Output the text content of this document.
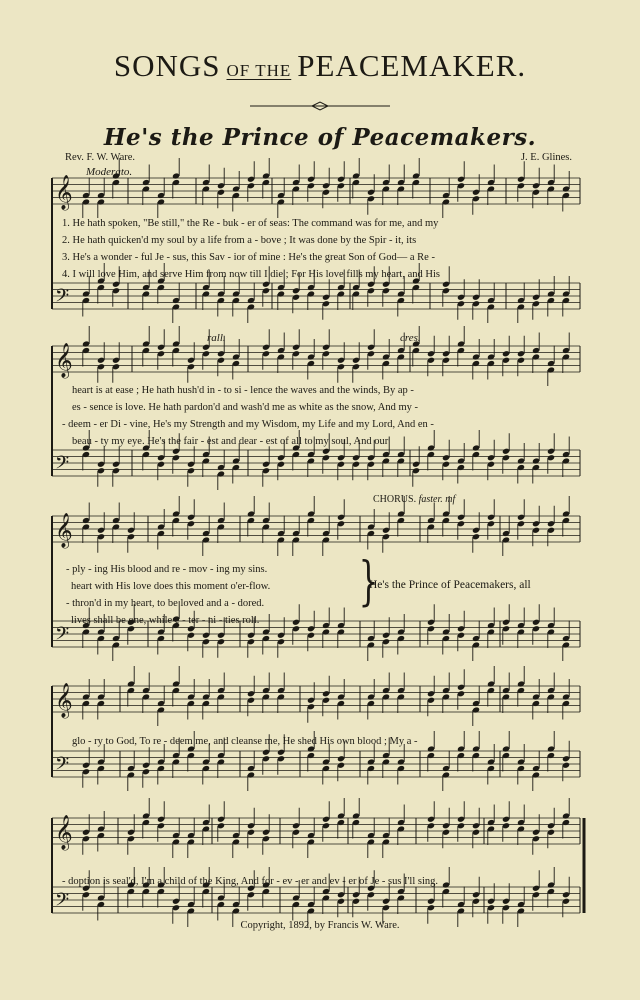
𝄞
𝄢
𝄞
𝄢
𝄞
𝄢
𝄞
𝄢
𝄞
𝄢
SONGS OF THE PEACEMAKER.
He's the Prince of Peacemakers.
Rev. F. W. Ware.	J. E. Glines.
Moderato.
rall.	cres.
CHORUS. faster. mf
1. He hath spoken, "Be still," the Re - buk - er of seas: The command was for me, and my
2. He hath quicken'd my soul by a life from a - bove ; It was done by the Spir - it, its
3. He's a wonder - ful Je - sus, this Sav - ior of mine : He's the great Son of God— a Re -
4. I will love Him, and serve Him from now till I die ; For His love fills my heart, and His
heart is at ease ; He hath hush'd in - to si - lence the waves and the winds, By ap -
es - sence is love. He hath pardon'd and wash'd me as white as the snow, And my -
- deem - er Di - vine, He's my Strength and my Wisdom, my Life and my Lord, And en -
beau - ty my eye. He's the fair - est and dear - est of all to my soul, And our
- ply - ing His blood and re - mov - ing my sins.
heart with His love does this moment o'er-flow.
- thron'd in my heart, to be loved and a - dored.
lives shall be one, while e - ter - ni - ties roll.
}
He's the Prince of Peacemakers, all
glo - ry to God, To re - deem me, and cleanse me, He shed His own blood ; My a -
- doption is seal'd, I'm a child of the King, And for - ev - er and ev - er of Je - sus I'll sing.
Copyright, 1892, by Francis W. Ware.
